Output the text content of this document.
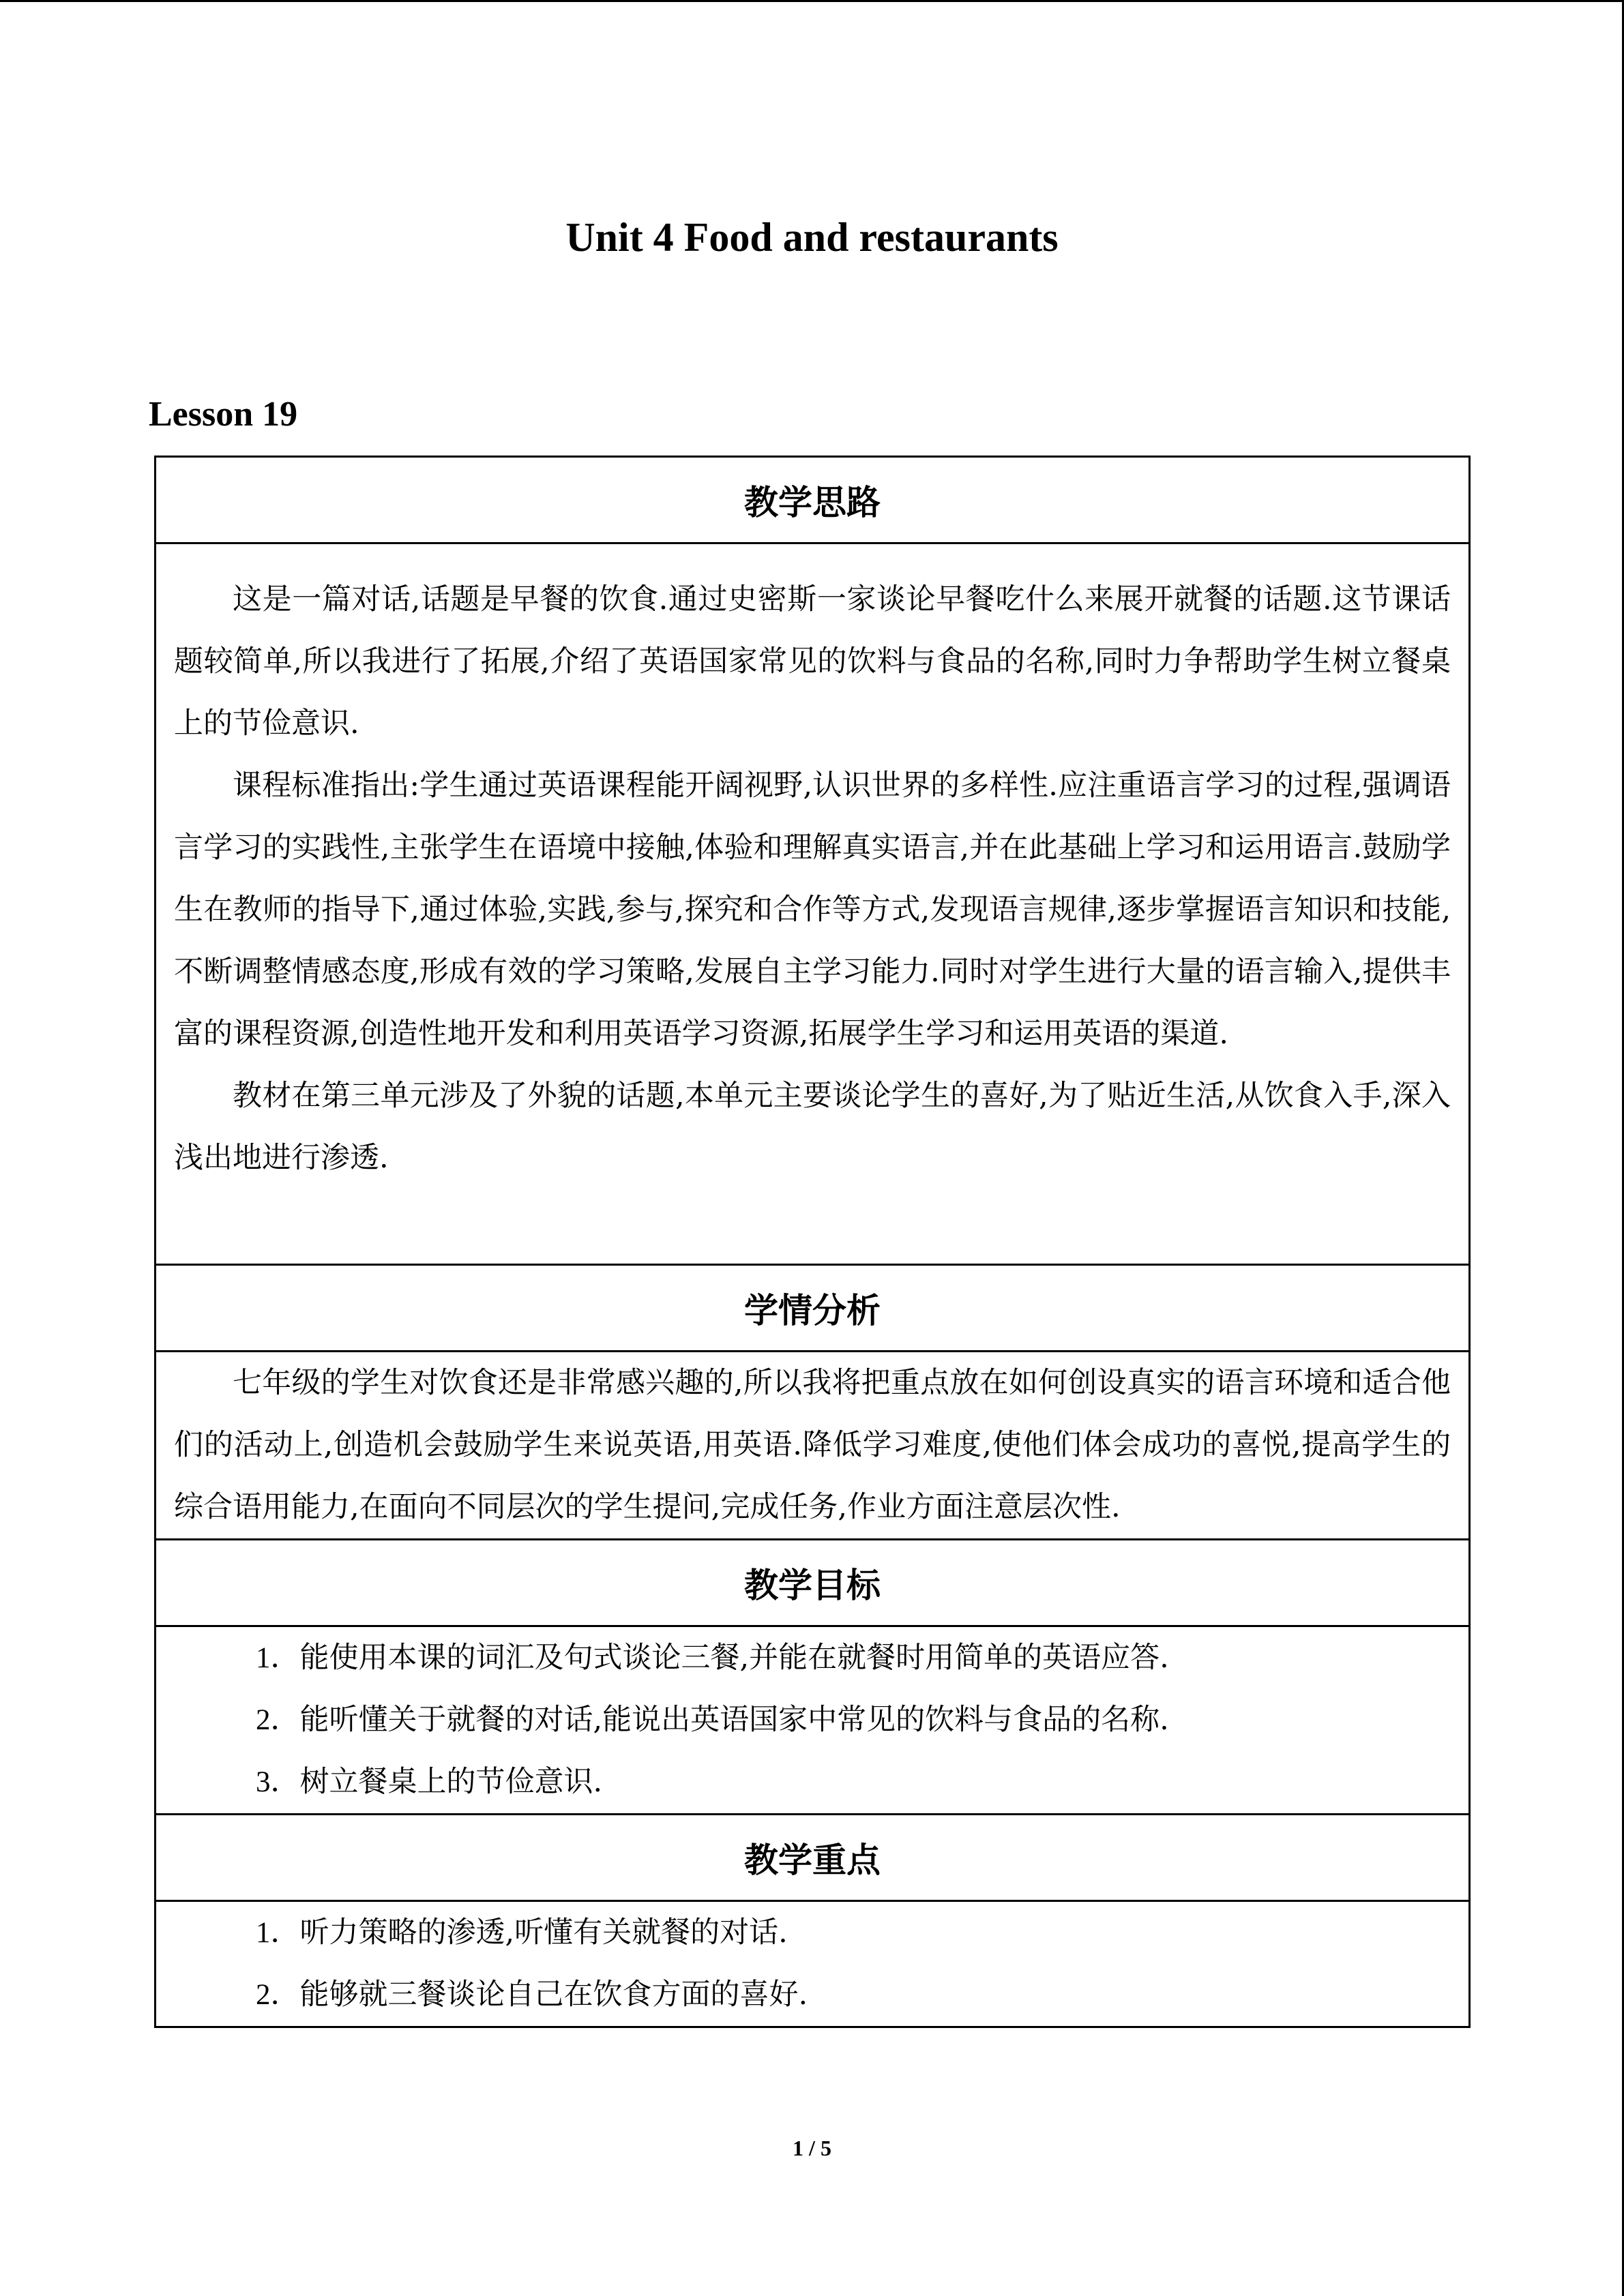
Unit 4 Food and restaurants
Lesson 19
教学思路

这是一篇对话,话题是早餐的饮食.通过史密斯一家谈论早餐吃什么来展开就餐的话题.这节课话题较简单,所以我进行了拓展,介绍了英语国家常见的饮料与食品的名称,同时力争帮助学生树立餐桌上的节俭意识.

课程标准指出:学生通过英语课程能开阔视野,认识世界的多样性.应注重语言学习的过程,强调语言学习的实践性,主张学生在语境中接触,体验和理解真实语言,并在此基础上学习和运用语言.鼓励学生在教师的指导下,通过体验,实践,参与,探究和合作等方式,发现语言规律,逐步掌握语言知识和技能,不断调整情感态度,形成有效的学习策略,发展自主学习能力.同时对学生进行大量的语言输入,提供丰富的课程资源,创造性地开发和利用英语学习资源,拓展学生学习和运用英语的渠道.

教材在第三单元涉及了外貌的话题,本单元主要谈论学生的喜好,为了贴近生活,从饮食入手,深入浅出地进行渗透.

学情分析

七年级的学生对饮食还是非常感兴趣的,所以我将把重点放在如何创设真实的语言环境和适合他们的活动上,创造机会鼓励学生来说英语,用英语.降低学习难度,使他们体会成功的喜悦,提高学生的综合语用能力,在面向不同层次的学生提问,完成任务,作业方面注意层次性.

教学目标

1．能使用本课的词汇及句式谈论三餐,并能在就餐时用简单的英语应答.

2．能听懂关于就餐的对话,能说出英语国家中常见的饮料与食品的名称.

3．树立餐桌上的节俭意识.

教学重点

1．听力策略的渗透,听懂有关就餐的对话.

2．能够就三餐谈论自己在饮食方面的喜好.

1 / 5
